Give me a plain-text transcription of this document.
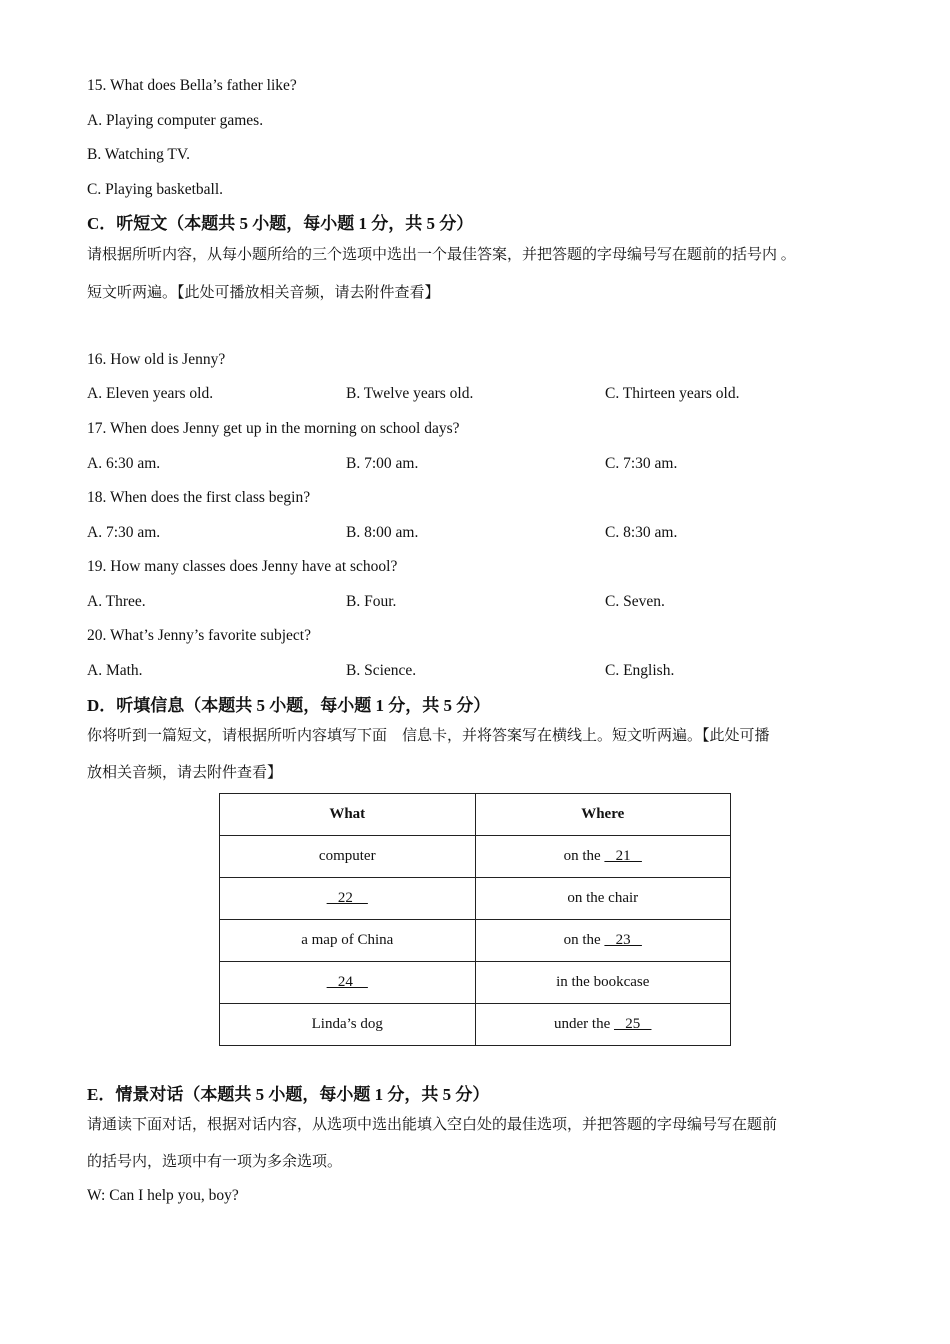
15. What does Bella’s father like?
A. Playing computer games.
B. Watching TV.
C. Playing basketball.
C．听短文（本题共 5 小题，每小题 1 分，共 5 分）
请根据所听内容，从每小题所给的三个选项中选出一个最佳答案，并把答题的字母编号写在题前的括号内 。
短文听两遍。【此处可播放相关音频，请去附件查看】
16. How old is Jenny?
A. Eleven years old.	B. Twelve years old.	C. Thirteen years old.
17. When does Jenny get up in the morning on school days?
A. 6:30 am.	B. 7:00 am.	C. 7:30 am.
18. When does the first class begin?
A. 7:30 am.	B. 8:00 am.	C. 8:30 am.
19. How many classes does Jenny have at school?
A. Three.	B. Four.	C. Seven.
20. What’s Jenny’s favorite subject?
A. Math.	B. Science.	C. English.
D．听填信息（本题共 5 小题，每小题 1 分，共 5 分）
你将听到一篇短文，请根据所听内容填写下面　信息卡，并将答案写在横线上。短文听两遍。【此处可播
放相关音频，请去附件查看】
What	Where
computer	on the    21
22	on the chair
a map of China	on the    23
24	in the bookcase
Linda’s dog	under the    25
E．情景对话（本题共 5 小题，每小题 1 分，共 5 分）
请通读下面对话，根据对话内容，从选项中选出能填入空白处的最佳选项，并把答题的字母编号写在题前
的括号内，选项中有一项为多余选项。
W: Can I help you, boy?
